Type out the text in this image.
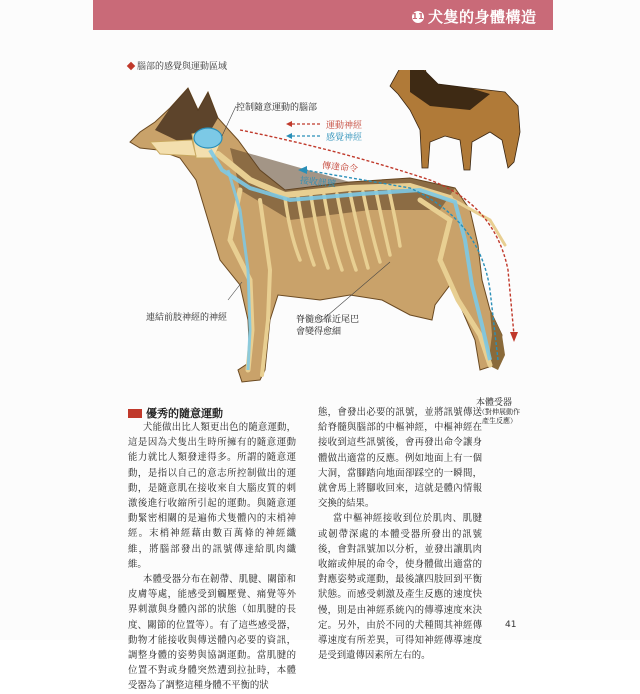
11 犬隻的身體構造
腦部的感覺與運動區域
控制隨意運動的腦部
運動神經
感覺神經
傳達命令
接收訊號
連結前肢神經的神經	脊髓愈靠近尾巴
會變得愈細
本體受器
（對伸展動作
產生反應）
優秀的隨意運動

犬能做出比人類更出色的隨意運動，這是因為犬隻出生時所擁有的隨意運動能力就比人類發達得多。所謂的隨意運動，是指以自己的意志所控制做出的運動，是隨意肌在接收來自大腦皮質的刺激後進行收縮所引起的運動。與隨意運動緊密相關的是遍佈犬隻體內的末梢神經。末梢神經藉由數百萬條的神經纖維，將腦部發出的訊號傳達給肌肉纖維。

本體受器分布在韌帶、肌腱、關節和皮膚等處，能感受到觸壓覺、痛覺等外界刺激與身體內部的狀態（如肌腱的長度、關節的位置等）。有了這些感受器，動物才能接收與傳送體內必要的資訊，調整身體的姿勢與協調運動。當肌腱的位置不對或身體突然遭到拉扯時，本體受器為了調整這種身體不平衡的狀

態，會發出必要的訊號，並將訊號傳送給脊髓與腦部的中樞神經，中樞神經在接收到這些訊號後，會再發出命令讓身體做出適當的反應。例如地面上有一個大洞，當腳踏向地面卻踩空的一瞬間，就會馬上將腳收回來，這就是體內情報交換的結果。

當中樞神經接收到位於肌肉、肌腱或韌帶深處的本體受器所發出的訊號後，會對訊號加以分析，並發出讓肌肉收縮或伸展的命令，使身體做出適當的對應姿勢或運動，最後讓四肢回到平衡狀態。而感受刺激及產生反應的速度快慢，則是由神經系統內的傳導速度來決定。另外，由於不同的犬種間其神經傳導速度有所差異，可得知神經傳導速度是受到遺傳因素所左右的。

41
